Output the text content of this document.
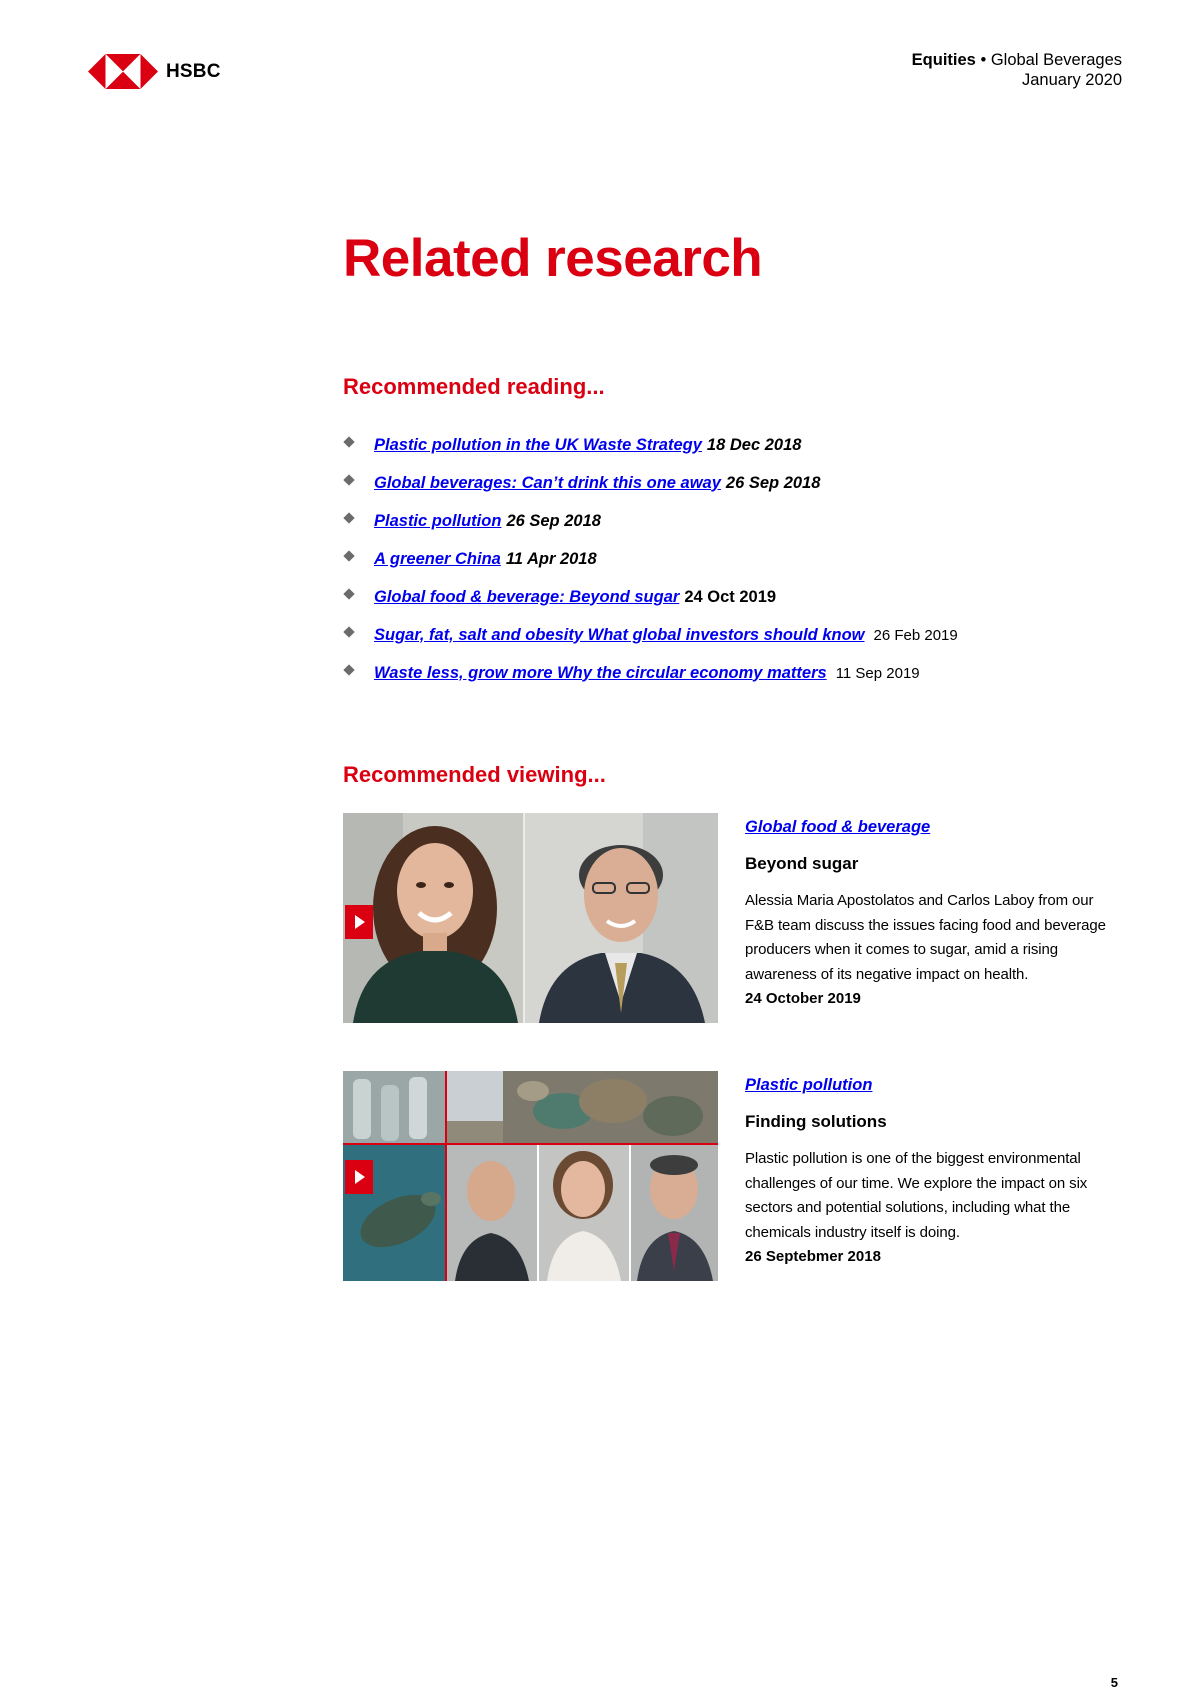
HSBC
Equities • Global Beverages
January 2020
Related research
Recommended reading...
Plastic pollution in the UK Waste Strategy 18 Dec 2018
Global beverages: Can’t drink this one away 26 Sep 2018
Plastic pollution 26 Sep 2018
A greener China 11 Apr 2018
Global food & beverage: Beyond sugar 24 Oct 2019
Sugar, fat, salt and obesity What global investors should know 26 Feb 2019
Waste less, grow more Why the circular economy matters 11 Sep 2019
Recommended viewing...
Global food & beverage
Beyond sugar
Alessia Maria Apostolatos and Carlos Laboy from our F&B team discuss the issues facing food and beverage producers when it comes to sugar, amid a rising awareness of its negative impact on health.
24 October 2019
Plastic pollution
Finding solutions
Plastic pollution is one of the biggest environmental challenges of our time. We explore the impact on six sectors and potential solutions, including what the chemicals industry itself is doing.
26 Septebmer 2018
5
